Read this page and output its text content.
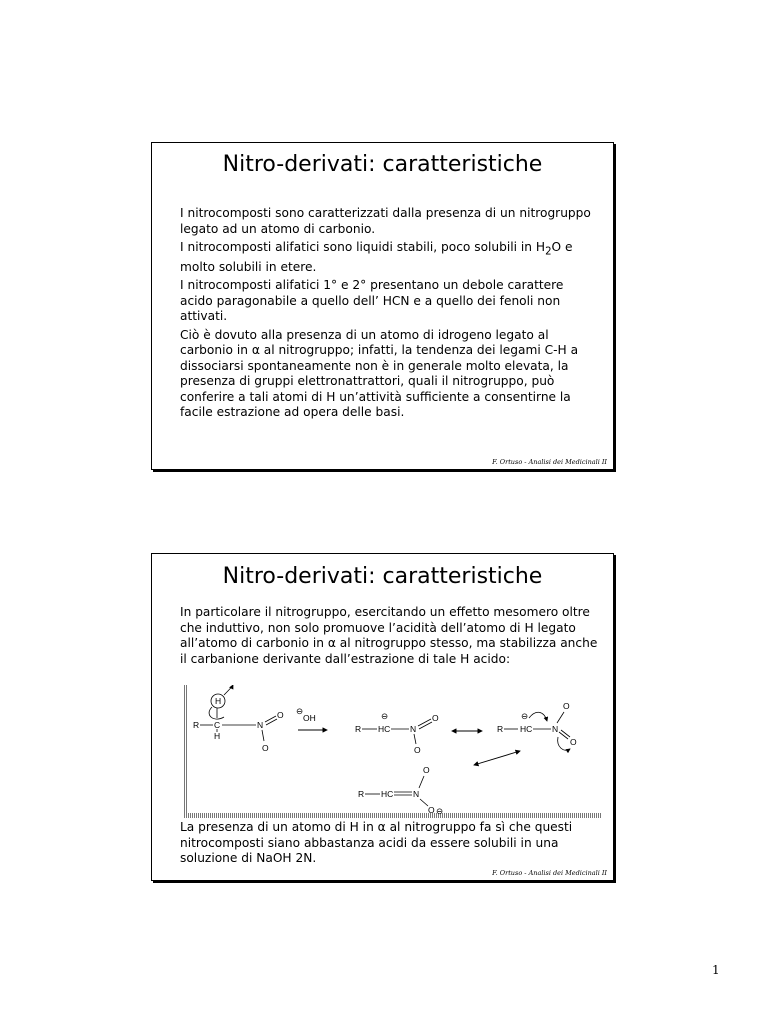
Nitro-derivati: caratteristiche

I nitrocomposti sono caratterizzati dalla presenza di un nitrogruppo legato ad un atomo di carbonio.

I nitrocomposti alifatici sono liquidi stabili, poco solubili in $H_2O$ e molto solubili in etere.

I nitrocomposti alifatici 1° e 2° presentano un debole carattere acido paragonabile a quello dell’ HCN e a quello dei fenoli non attivati.

Ciò è dovuto alla presenza di un atomo di idrogeno legato al carbonio in α al nitrogruppo; infatti, la tendenza dei legami C-H a dissociarsi spontaneamente non è in generale molto elevata, la presenza di gruppi elettronattrattori, quali il nitrogruppo, può conferire a tali atomi di H un’attività sufficiente a consentirne la facile estrazione ad opera delle basi.

F. Ortuso - Analisi dei Medicinali II
Nitro-derivati: caratteristiche

In particolare il nitrogruppo, esercitando un effetto mesomero oltre che induttivo, non solo promuove l’acidità dell’atomo di H legato all’atomo di carbonio in α al nitrogruppo stesso, ma stabilizza anche il carbanione derivante dall’estrazione di tale H acido:

R C
H
H
N
O
O
⊖
OH
R HC
⊖
N
O
O
R HC
⊖
N
O
O
R HC N
O
O ⊖

La presenza di un atomo di H in α al nitrogruppo fa sì che questi nitrocomposti siano abbastanza acidi da essere solubili in una soluzione di NaOH 2N.

F. Ortuso - Analisi dei Medicinali II
1
